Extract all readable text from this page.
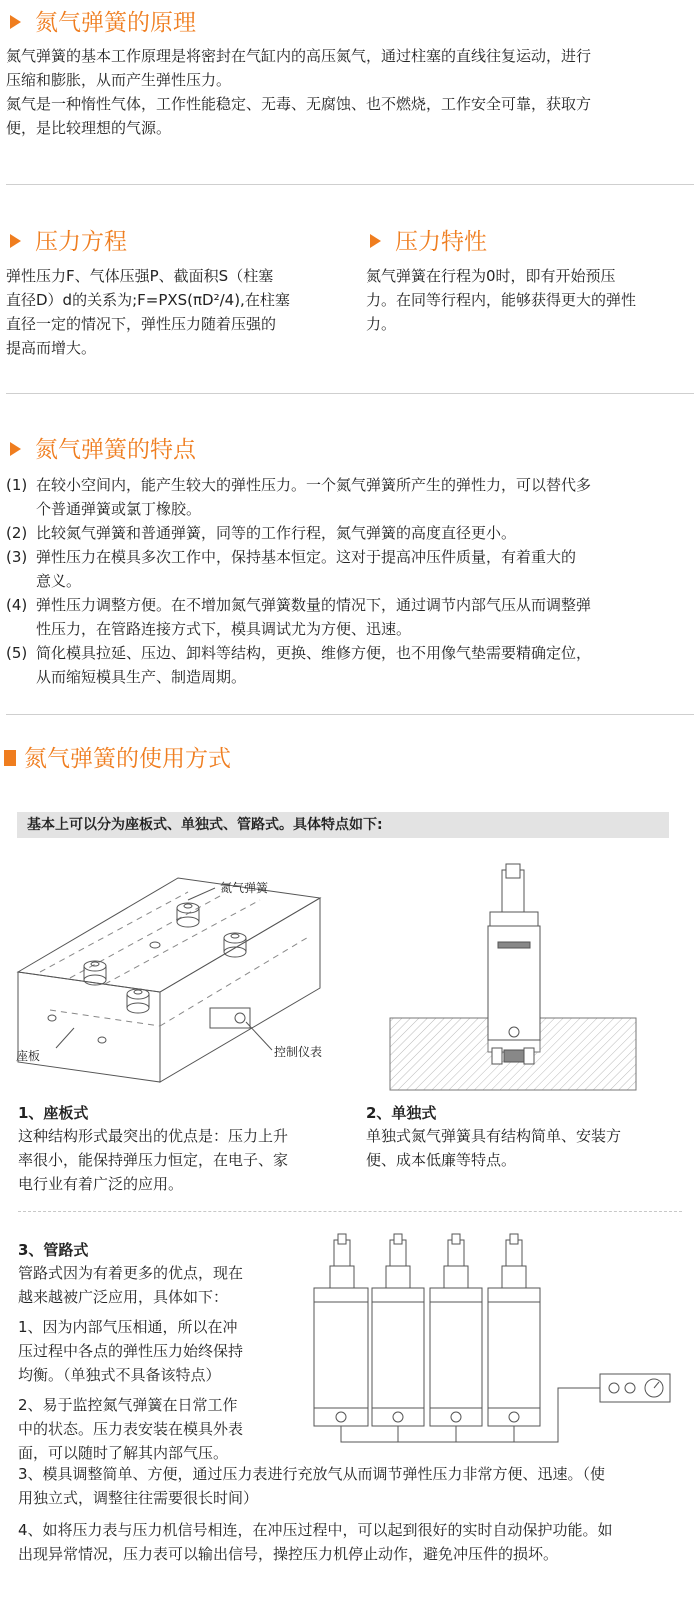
氮气弹簧的原理
氮气弹簧的基本工作原理是将密封在气缸内的高压氮气，通过柱塞的直线往复运动，进行
压缩和膨胀，从而产生弹性压力。
氮气是一种惰性气体，工作性能稳定、无毒、无腐蚀、也不燃烧，工作安全可靠，获取方
便，是比较理想的气源。
压力方程
弹性压力F、气体压强P、截面积S（柱塞
直径D）d的关系为;F=PXS(πD²/4),在柱塞
直径一定的情况下，弹性压力随着压强的
提高而增大。
压力特性
氮气弹簧在行程为0时，即有开始预压
力。在同等行程内，能够获得更大的弹性
力。
氮气弹簧的特点
(1) 在较小空间内，能产生较大的弹性压力。一个氮气弹簧所产生的弹性力，可以替代多
个普通弹簧或氯丁橡胶。
(2) 比较氮气弹簧和普通弹簧，同等的工作行程，氮气弹簧的高度直径更小。
(3) 弹性压力在模具多次工作中，保持基本恒定。这对于提高冲压件质量，有着重大的
意义。
(4) 弹性压力调整方便。在不增加氮气弹簧数量的情况下，通过调节内部气压从而调整弹
性压力，在管路连接方式下，模具调试尤为方便、迅速。
(5) 简化模具拉延、压边、卸料等结构，更换、维修方便，也不用像气垫需要精确定位，
从而缩短模具生产、制造周期。
氮气弹簧的使用方式
基本上可以分为座板式、单独式、管路式。具体特点如下:
氮气弹簧
座板	控制仪表
1、座板式
这种结构形式最突出的优点是：压力上升
率很小，能保持弹压力恒定，在电子、家
电行业有着广泛的应用。
2、单独式
单独式氮气弹簧具有结构简单、安装方
便、成本低廉等特点。
3、管路式
管路式因为有着更多的优点，现在
越来越被广泛应用，具体如下：
1、因为内部气压相通，所以在冲
压过程中各点的弹性压力始终保持
均衡。（单独式不具备该特点）
2、易于监控氮气弹簧在日常工作
中的状态。压力表安装在模具外表
面，可以随时了解其内部气压。
3、模具调整简单、方便，通过压力表进行充放气从而调节弹性压力非常方便、迅速。（使
用独立式，调整往往需要很长时间）
4、如将压力表与压力机信号相连，在冲压过程中，可以起到很好的实时自动保护功能。如
出现异常情况，压力表可以输出信号，操控压力机停止动作，避免冲压件的损坏。
